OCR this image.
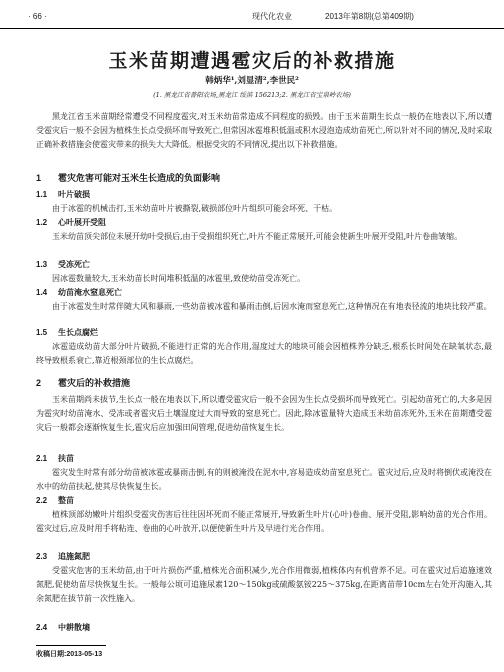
· 66 ·	现代化农业	2013年第8期(总第409期)
玉米苗期遭遇雹灾后的补救措施
韩炳华¹,刘显清²,李世民²
(1. 黑龙江省普阳农场,黑龙江 绥滨 156213;2. 黑龙江省宝泉岭农场)

黑龙江省玉米苗期经常遭受不同程度雹灾,对玉米幼苗常造成不同程度的损毁。由于玉米苗期生长点一般仍在地表以下,所以遭受雹灾后一般不会因为植株生长点受损坏而导致死亡,但常因冰雹堆积低温或积水浸泡造成幼苗死亡,所以针对不同的情况,及时采取正确补救措施会使雹灾带来的损失大大降低。根据受灾的不同情况,提出以下补救措施。

1 雹灾危害可能对玉米生长造成的负面影响
1.1 叶片破损

由于冰雹的机械击打,玉米幼苗叶片被撕裂,破损部位叶片组织可能会坏死、干枯。

1.2 心叶展开受阻

玉米幼苗顶尖部位未展开幼叶受损后,由于受损组织死亡,叶片不能正常展开,可能会使新生叶展开受阻,叶片卷曲皱缩。

1.3 受冻死亡

因冰雹数量较大,玉米幼苗长时间堆积低温的冰雹里,致使幼苗受冻死亡。

1.4 幼苗淹水窒息死亡

由于冰雹发生时常伴随大风和暴雨,一些幼苗被冰雹和暴雨击倒,后因水淹而窒息死亡,这种情况在有地表径流的地块比较严重。

1.5 生长点腐烂

冰雹造成幼苗大部分叶片破损,不能进行正常的光合作用,湿度过大的地块可能会因植株养分缺乏,根系长时间处在缺氧状态,最终导致根系衰亡,靠近根颈部位的生长点腐烂。

2 雹灾后的补救措施

玉米苗期尚未拔节,生长点一般在地表以下,所以遭受雹灾后一般不会因为生长点受损坏而导致死亡。引起幼苗死亡的,大多是因为雹灾时幼苗淹水、受冻或者雹灾后土壤湿度过大而导致的窒息死亡。因此,除冰雹量特大造成玉米幼苗冻死外,玉米在苗期遭受雹灾后一般都会逐渐恢复生长,雹灾后应加强田间管理,促进幼苗恢复生长。

2.1 扶苗

雹灾发生时常有部分幼苗被冰雹或暴雨击倒,有的则被淹没在泥水中,容易造成幼苗窒息死亡。雹灾过后,应及时将倒伏或淹没在水中的幼苗扶起,使其尽快恢复生长。

2.2 整苗

植株顶部幼嫩叶片组织受雹灾伤害后往往因坏死而不能正常展开,导致新生叶片(心叶)卷曲、展开受阻,影响幼苗的光合作用。雹灾过后,应及时用手将粘连、卷曲的心叶放开,以便使新生叶片及早进行光合作用。

2.3 追施氮肥

受雹灾危害的玉米幼苗,由于叶片损伤严重,植株光合面积减少,光合作用微弱,植株体内有机营养不足。可在雹灾过后追施速效氮肥,促使幼苗尽快恢复生长。一般每公顷可追施尿素120～150kg或硫酸氨铵225～375kg,在距离苗带10cm左右处开沟施入,其余氮肥在拔节前一次性施入。

2.4 中耕散墒
收稿日期:2013-05-13
